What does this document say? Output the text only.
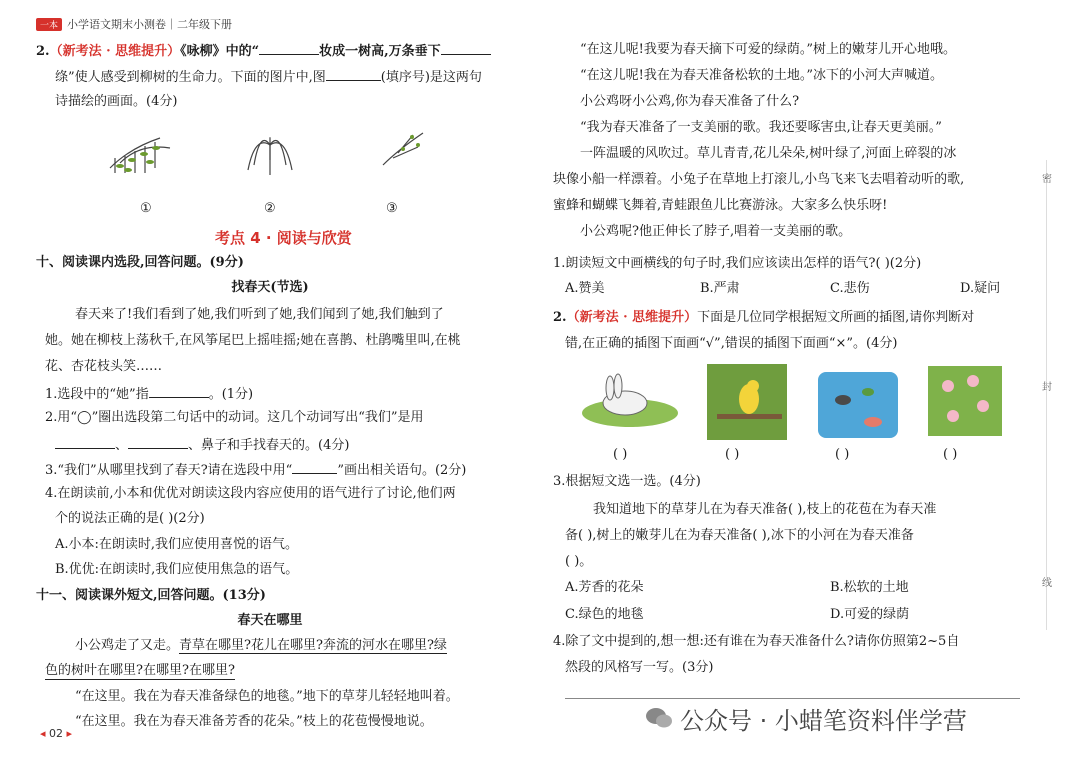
一本 小学语文期末小测卷｜二年级下册
2.（新考法 · 思维提升）《咏柳》中的“	妆成一树高,万条垂下
绦”使人感受到柳树的生命力。下面的图片中,图	(填序号)是这两句
诗描绘的画面。(4分)
①	②	③
考点 4 · 阅读与欣赏
十、阅读课内选段,回答问题。(9分)
找春天(节选)
春天来了!我们看到了她,我们听到了她,我们闻到了她,我们触到了
她。她在柳枝上荡秋千,在风筝尾巴上摇哇摇;她在喜鹊、杜鹃嘴里叫,在桃
花、杏花枝头笑……
1.选段中的“她”指	。(1分)
2.用“◯”圈出选段第二句话中的动词。这几个动词写出“我们”是用
、	、鼻子和手找春天的。(4分)
3.“我们”从哪里找到了春天?请在选段中用“	”画出相关语句。(2分)
4.在朗读前,小本和优优对朗读这段内容应使用的语气进行了讨论,他们两
个的说法正确的是( )(2分)
A.小本:在朗读时,我们应使用喜悦的语气。
B.优优:在朗读时,我们应使用焦急的语气。
十一、阅读课外短文,回答问题。(13分)
春天在哪里
小公鸡走了又走。青草在哪里?花儿在哪里?奔流的河水在哪里?绿
色的树叶在哪里?在哪里?在哪里?
“在这里。我在为春天准备绿色的地毯。”地下的草芽儿轻轻地叫着。
“在这里。我在为春天准备芳香的花朵。”枝上的花苞慢慢地说。
◂ 02 ▸
“在这儿呢!我要为春天摘下可爱的绿荫。”树上的嫩芽儿开心地哦。
“在这儿呢!我在为春天准备松软的土地。”冰下的小河大声喊道。
小公鸡呀小公鸡,你为春天准备了什么?
“我为春天准备了一支美丽的歌。我还要啄害虫,让春天更美丽。”
一阵温暖的风吹过。草儿青青,花儿朵朵,树叶绿了,河面上碎裂的冰
块像小船一样漂着。小兔子在草地上打滚儿,小鸟飞来飞去唱着动听的歌,
蜜蜂和蝴蝶飞舞着,青蛙跟鱼儿比赛游泳。大家多么快乐呀!
小公鸡呢?他正伸长了脖子,唱着一支美丽的歌。
1.朗读短文中画横线的句子时,我们应该读出怎样的语气?( )(2分)
A.赞美	B.严肃	C.悲伤	D.疑问
2.（新考法 · 思维提升）下面是几位同学根据短文所画的插图,请你判断对
错,在正确的插图下面画“√”,错误的插图下面画“×”。(4分)
( )	( )	( )	( )
3.根据短文选一选。(4分)
我知道地下的草芽儿在为春天准备( ),枝上的花苞在为春天准
备( ),树上的嫩芽儿在为春天准备( ),冰下的小河在为春天准备
( )。
A.芳香的花朵	B.松软的土地
C.绿色的地毯	D.可爱的绿荫
4.除了文中提到的,想一想:还有谁在为春天准备什么?请你仿照第2~5自
然段的风格写一写。(3分)
密
封
线
公众号 · 小蜡笔资料伴学营
